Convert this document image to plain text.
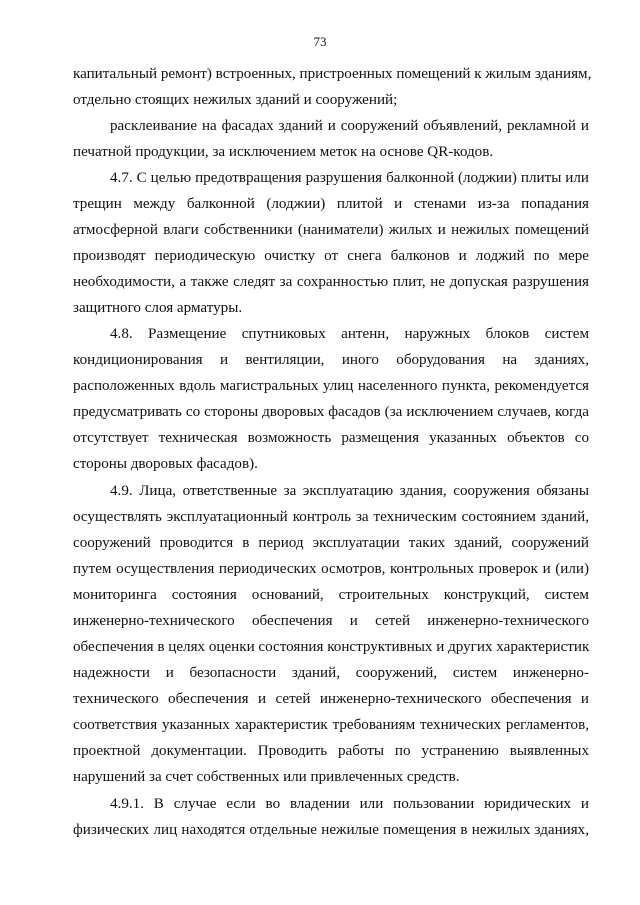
73
капитальный ремонт) встроенных, пристроенных помещений к жилым зданиям,
отдельно стоящих нежилых зданий и сооружений;
расклеивание на фасадах зданий и сооружений объявлений, рекламной и
печатной продукции, за исключением меток на основе QR-кодов.
4.7. С целью предотвращения разрушения балконной (лоджии) плиты или
трещин между балконной (лоджии) плитой и стенами из-за попадания
атмосферной влаги собственники (наниматели) жилых и нежилых помещений
производят периодическую очистку от снега балконов и лоджий по мере
необходимости, а также следят за сохранностью плит, не допуская разрушения
защитного слоя арматуры.
4.8. Размещение спутниковых антенн, наружных блоков систем
кондиционирования и вентиляции, иного оборудования на зданиях,
расположенных вдоль магистральных улиц населенного пункта, рекомендуется
предусматривать со стороны дворовых фасадов (за исключением случаев, когда
отсутствует техническая возможность размещения указанных объектов со
стороны дворовых фасадов).
4.9. Лица, ответственные за эксплуатацию здания, сооружения обязаны
осуществлять эксплуатационный контроль за техническим состоянием зданий,
сооружений проводится в период эксплуатации таких зданий, сооружений
путем осуществления периодических осмотров, контрольных проверок и (или)
мониторинга состояния оснований, строительных конструкций, систем
инженерно-технического обеспечения и сетей инженерно-технического
обеспечения в целях оценки состояния конструктивных и других характеристик
надежности и безопасности зданий, сооружений, систем инженерно-
технического обеспечения и сетей инженерно-технического обеспечения и
соответствия указанных характеристик требованиям технических регламентов,
проектной документации. Проводить работы по устранению выявленных
нарушений за счет собственных или привлеченных средств.
4.9.1. В случае если во владении или пользовании юридических и
физических лиц находятся отдельные нежилые помещения в нежилых зданиях,
